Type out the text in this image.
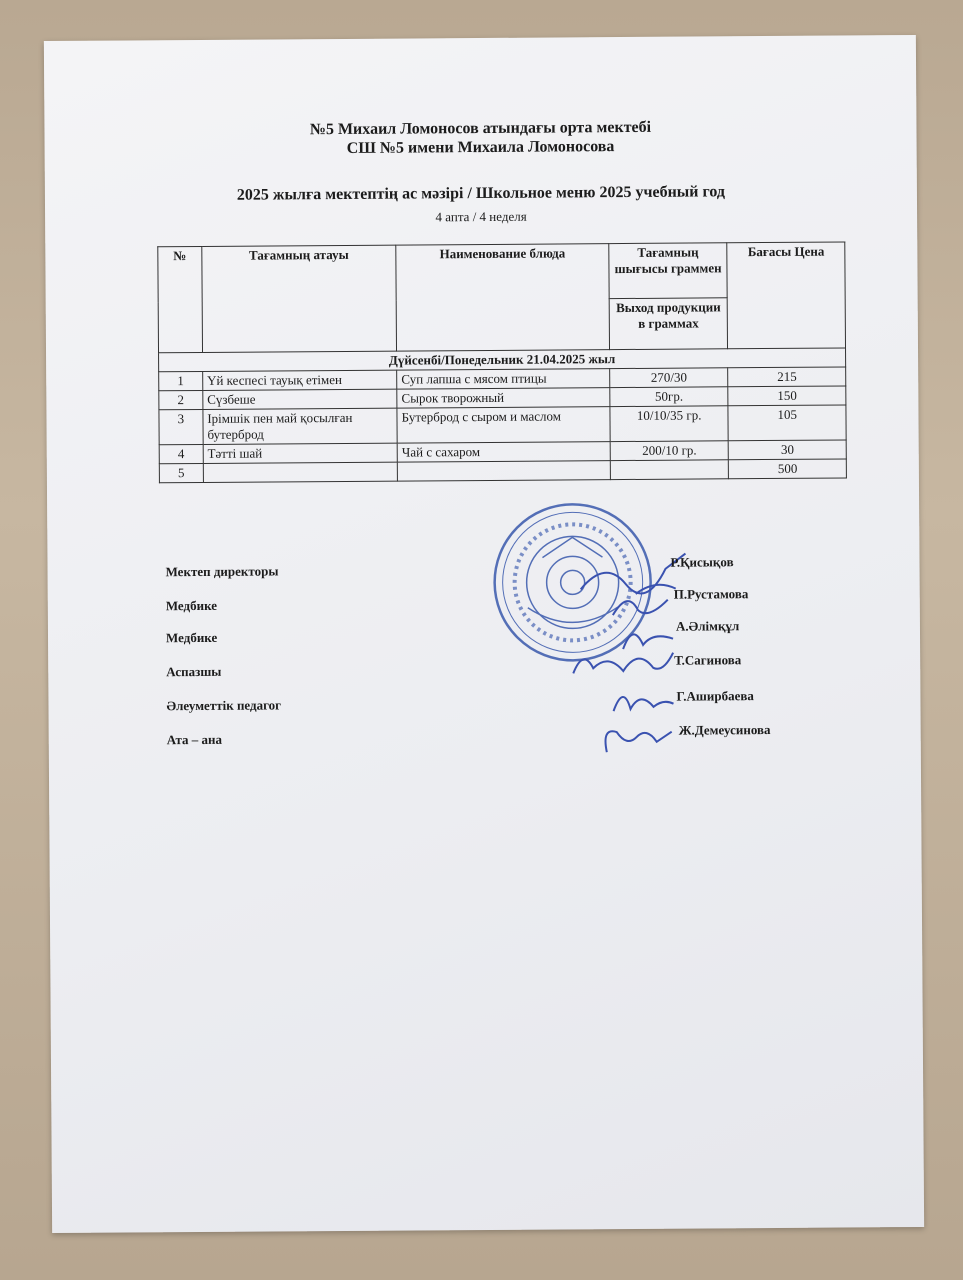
№5 Михаил Ломоносов атындағы орта мектебі
СШ №5 имени Михаила Ломоносова
2025 жылға мектептің ас мәзірі / Школьное меню 2025 учебный год
4 апта / 4 неделя
№	Тағамның атауы	Наименование блюда	Тағамның шығысы граммен	Бағасы Цена
			Выход продукции в граммах	
Дүйсенбі/Понедельник 21.04.2025 жыл				
1	Үй кеспесі тауық етімен	Суп лапша с мясом птицы	270/30	215
2	Сүзбеше	Сырок творожный	50гр.	150
3	Ірімшік пен май қосылған бутерброд	Бутерброд с сыром и маслом	10/10/35 гр.	105
4	Тәтті шай	Чай с сахаром	200/10 гр.	30
5				500
Мектеп директоры
Р.Қисықов
Медбике
П.Рустамова
Медбике
А.Әлімқұл
Аспазшы
Т.Сагинова
Әлеуметтік педагог
Г.Аширбаева
Ата – ана
Ж.Демеусинова
